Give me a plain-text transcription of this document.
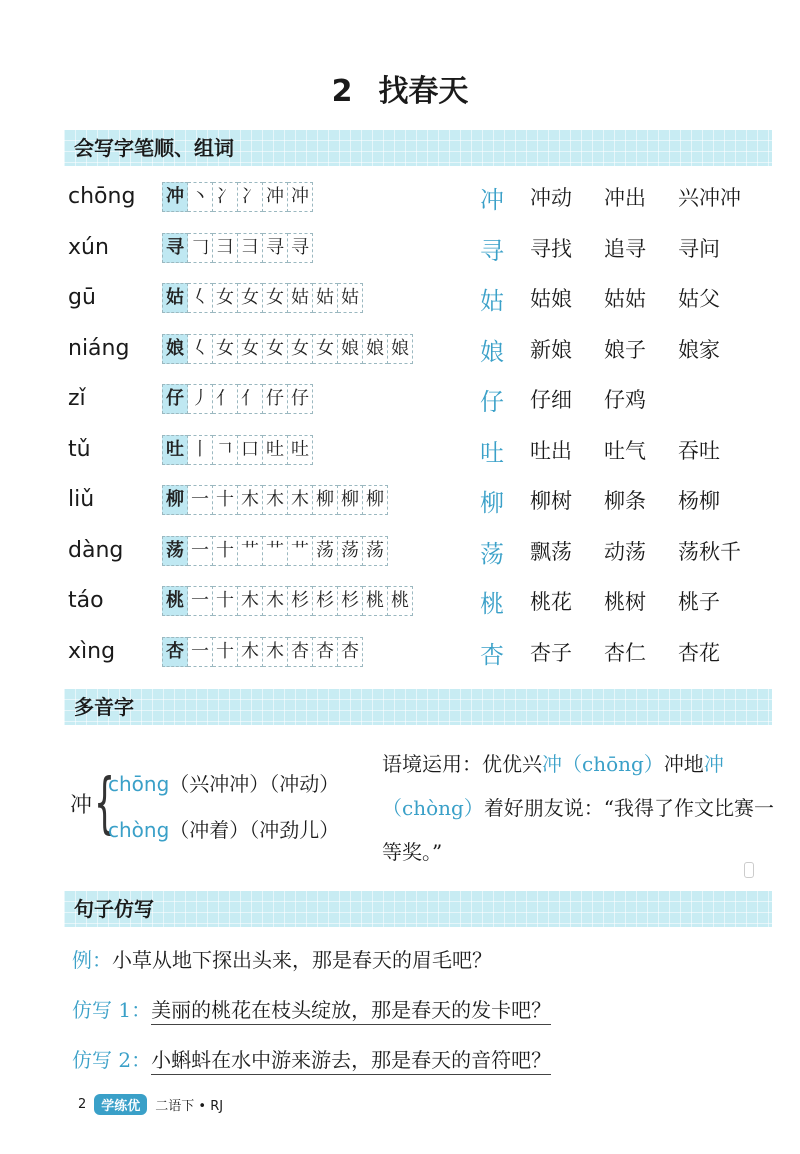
2 找春天
会写字笔顺、组词
chōng 冲 丶 冫 冫 冲 冲	冲 冲动	冲出	兴冲冲
xún	寻 𠃌 彐 彐 寻 寻	寻 寻找	追寻	寻问
gū	姑 𡿨 女 女 女 姑 姑 姑	姑 姑娘	姑姑	姑父
niáng 娘 𡿨 女 女 女 女 女 娘 娘 娘	娘 新娘	娘子	娘家
zǐ	仔 丿 亻 亻 仔 仔	仔 仔细	仔鸡
tǔ	吐 丨 𠃍 口 吐 吐	吐 吐出	吐气	吞吐
liǔ	柳 一 十 木 木 木 柳 柳 柳	柳 柳树	柳条	杨柳
dàng 荡 一 十 艹 艹 艹 荡 荡 荡	荡 飘荡	动荡	荡秋千
táo	桃 一 十 木 木 杉 杉 杉 桃 桃	桃 桃花	桃树	桃子
xìng	杏 一 十 木 木 杏 杏 杏	杏 杏子	杏仁	杏花
多音字
冲 {
chōng（兴冲冲）（冲动）
chòng（冲着）（冲劲儿）
语境运用：优优兴冲（chōng）冲地冲（chòng）着好朋友说：“我得了作文比赛一等奖。”
句子仿写
例：小草从地下探出头来，那是春天的眉毛吧？
仿写 1：美丽的桃花在枝头绽放，那是春天的发卡吧？
仿写 2：小蝌蚪在水中游来游去，那是春天的音符吧？
2	学练优	二语下 • RJ
